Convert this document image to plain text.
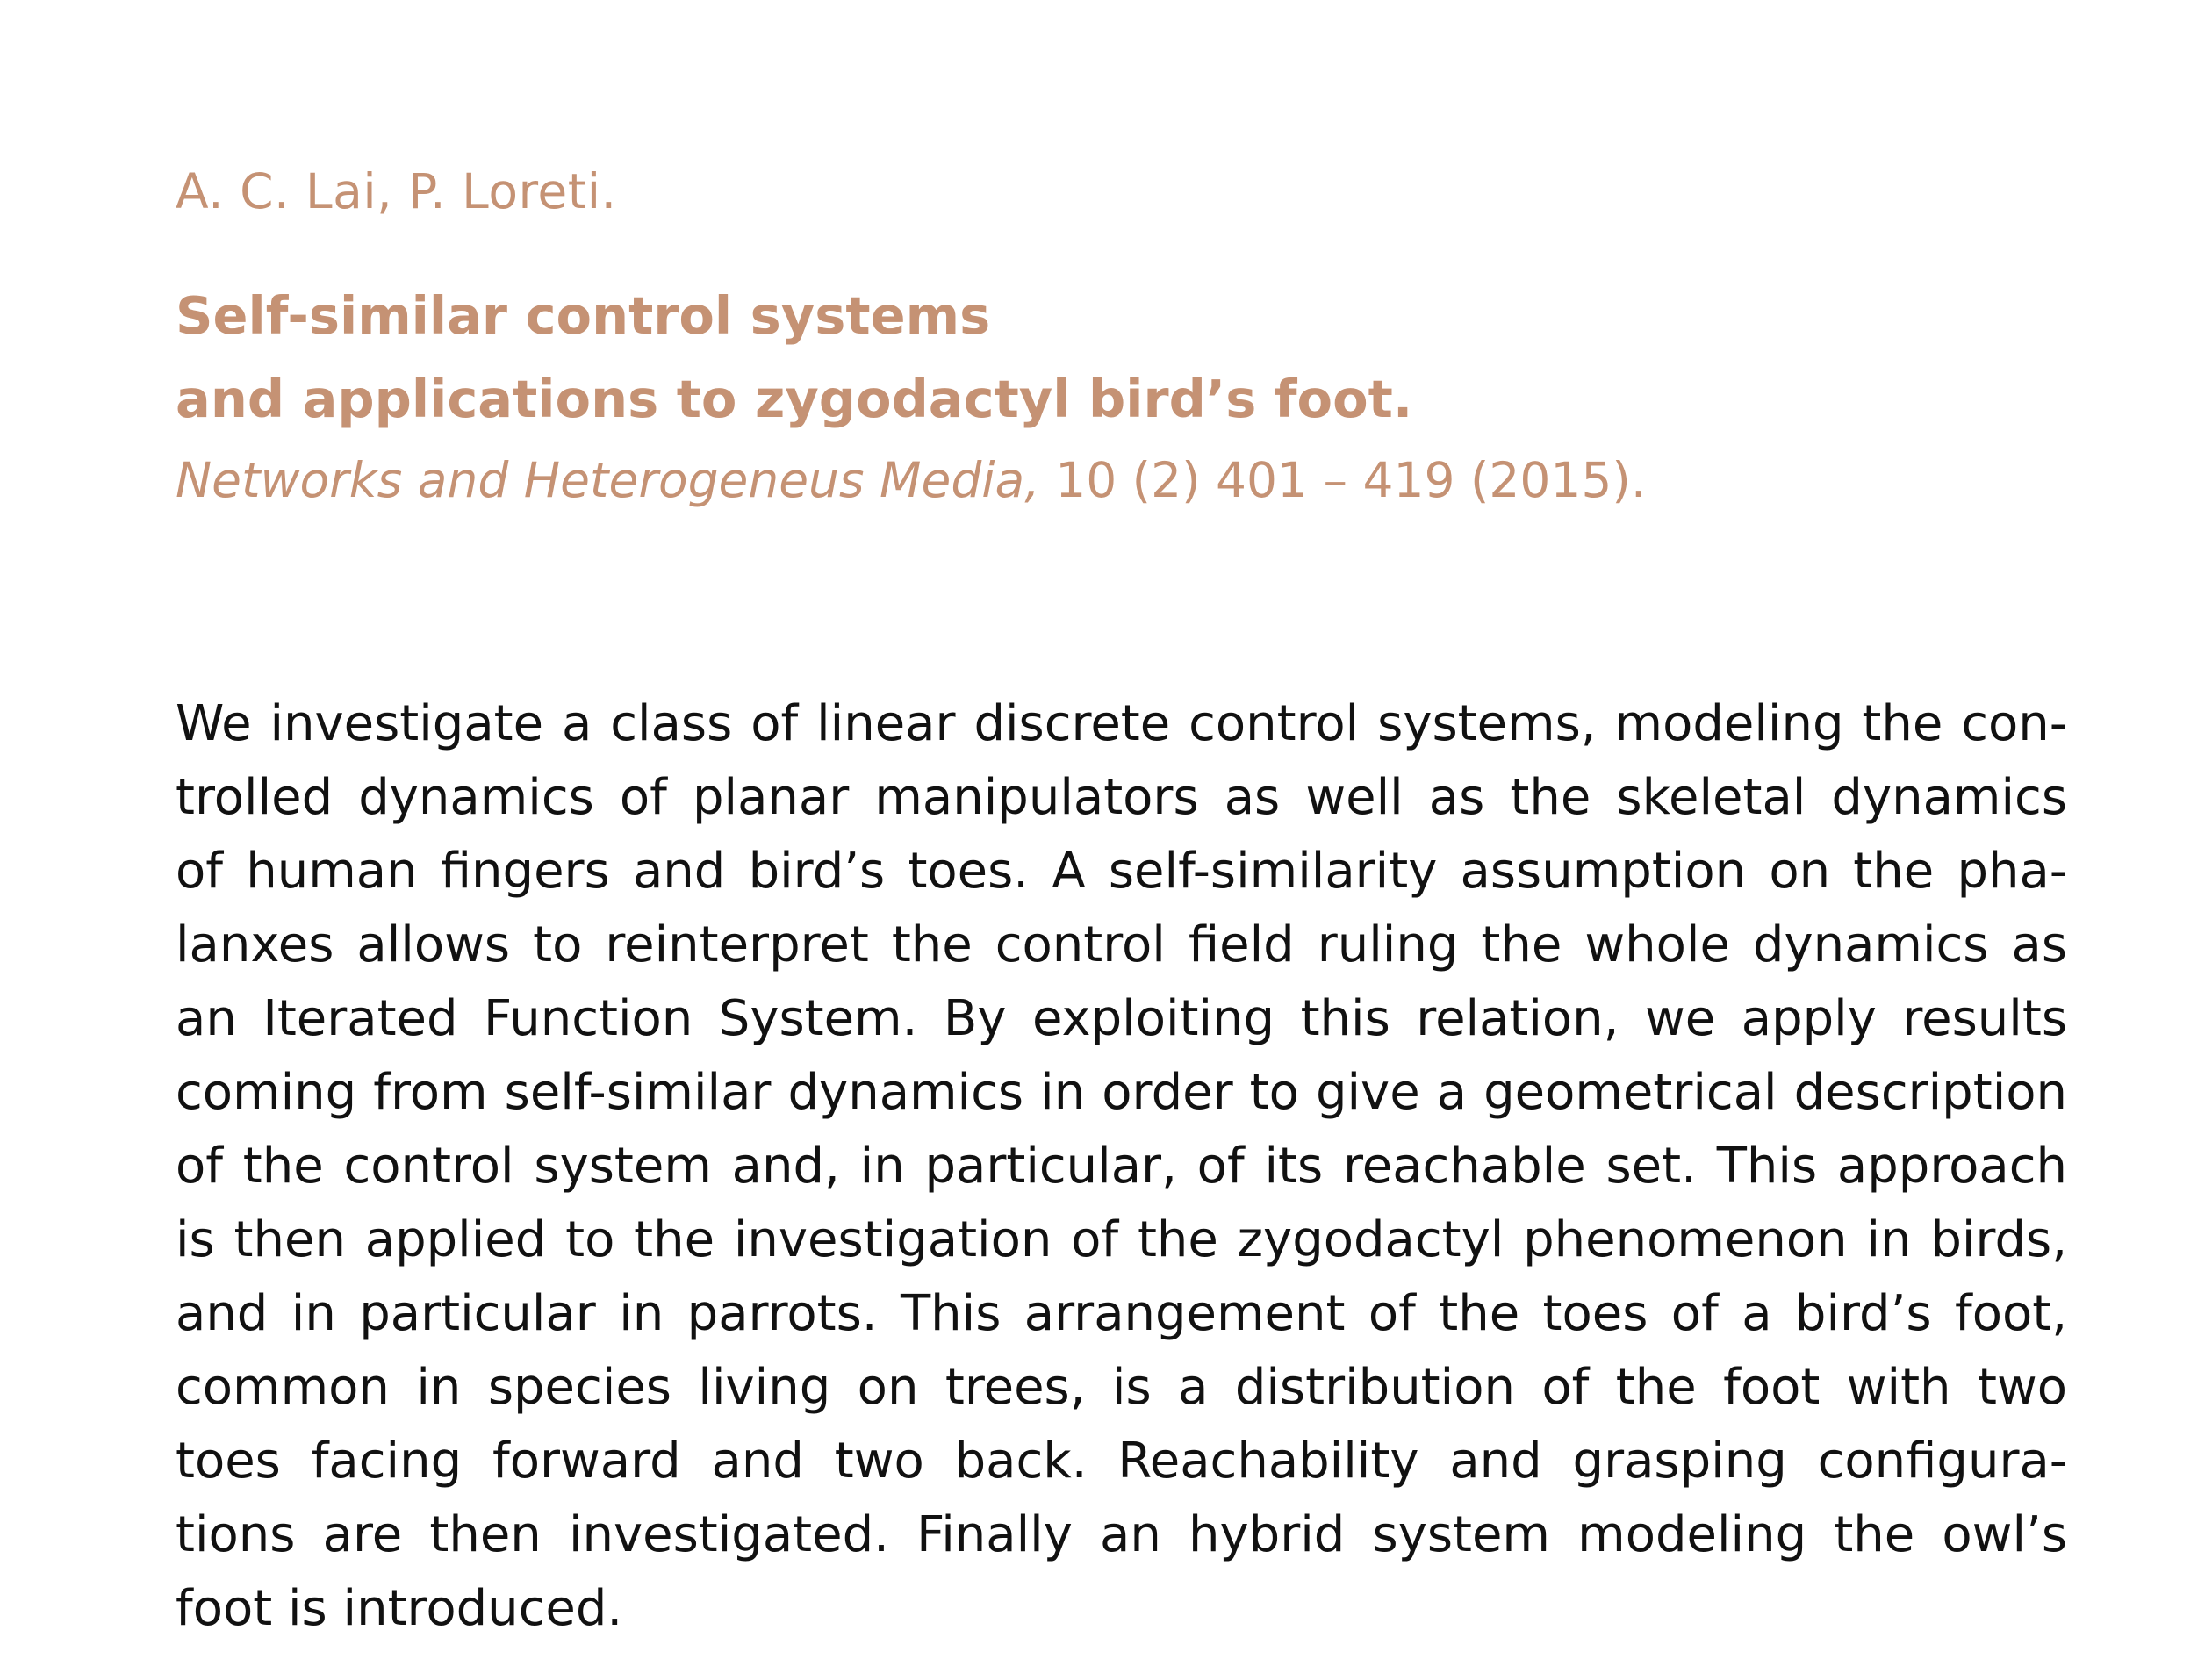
A. C. Lai, P. Loreti.
Self-similar control systems
and applications to zygodactyl bird’s foot.
Networks and Heterogeneus Media, 10 (2) 401 – 419 (2015).
We investigate a class of linear discrete control systems, modeling the con-
trolled dynamics of planar manipulators as well as the skeletal dynamics
of human fingers and bird’s toes. A self-similarity assumption on the pha-
lanxes allows to reinterpret the control field ruling the whole dynamics as
an Iterated Function System. By exploiting this relation, we apply results
coming from self-similar dynamics in order to give a geometrical description
of the control system and, in particular, of its reachable set. This approach
is then applied to the investigation of the zygodactyl phenomenon in birds,
and in particular in parrots. This arrangement of the toes of a bird’s foot,
common in species living on trees, is a distribution of the foot with two
toes facing forward and two back. Reachability and grasping configura-
tions are then investigated. Finally an hybrid system modeling the owl’s
foot is introduced.
